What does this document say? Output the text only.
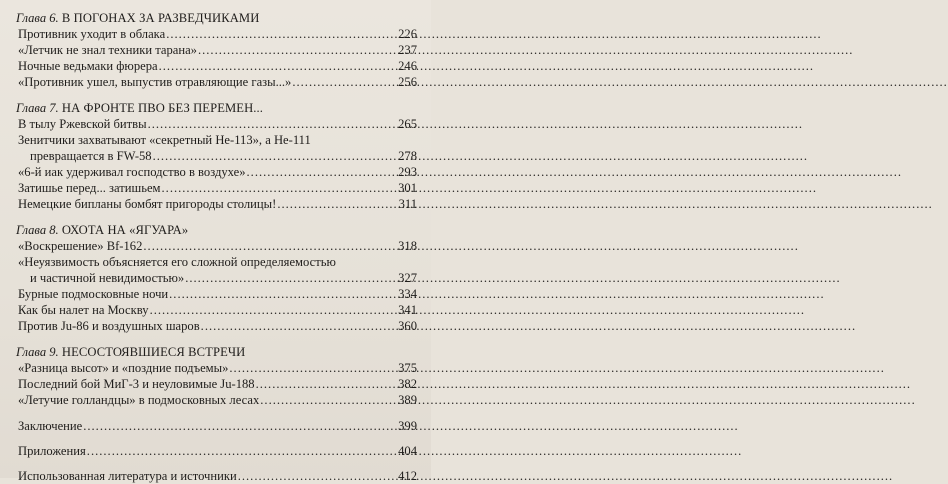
Глава 6. В ПОГОНАХ ЗА РАЗВЕДЧИКАМИ
Противник уходит в облака .....	226
«Летчик не знал техники тарана» .....	237
Ночные ведьмаки фюрера .....	246
«Противник ушел, выпустив отравляющие газы...» .....	256
Глава 7. НА ФРОНТЕ ПВО БЕЗ ПЕРЕМЕН...
В тылу Ржевской битвы .....	265
Зенитчики захватывают «секретный Не-113», а Не-111
превращается в FW-58 .....	278
«6-й иак удерживал господство в воздухе» .....	293
Затишье перед... затишьем .....	301
Немецкие бипланы бомбят пригороды столицы! .....	311
Глава 8. ОХОТА НА «ЯГУАРА»
«Воскрешение» Bf-162 .....	318
«Неуязвимость объясняется его сложной определяемостью
и частичной невидимостью» .....	327
Бурные подмосковные ночи .....	334
Как бы налет на Москву .....	341
Против Ju-86 и воздушных шаров .....	360
Глава 9. НЕСОСТОЯВШИЕСЯ ВСТРЕЧИ
«Разница высот» и «поздние подъемы» .....	375
Последний бой МиГ-3 и неуловимые Ju-188 .....	382
«Летучие голландцы» в подмосковных лесах .....	389
Заключение .....	399
Приложения .....	404
Использованная литература и источники .....	412
